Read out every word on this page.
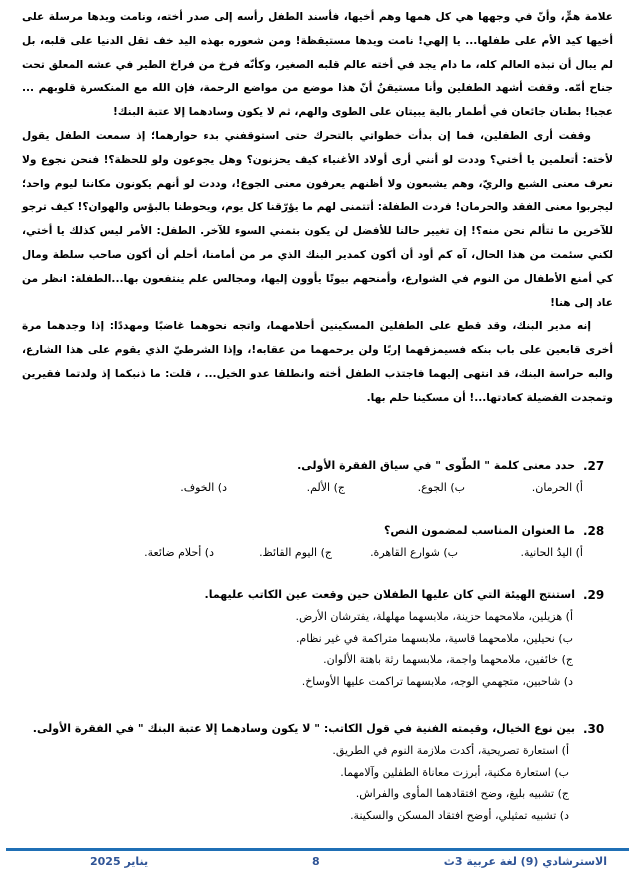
علامة همٍّ، وأنّ في وجهها هي كل همها وهم أخيها، فأسند الطفل رأسه إلى صدر أخته، ونامت ويدها مرسلة على أخيها كيد الأم على طفلها... يا إلهي! نامت ويدها مستيقظة! ومن شعوره بهذه اليد خف ثقل الدنيا على قلبه، بل لم يبال أن تبذه العالم كله، ما دام يجد في أخته عالم قلبه الصغير، وكأنّه فرخ من فراخ الطير في عشه المعلق تحت جناح أمّه. وقفت أشهد الطفلين وأنا مستيقنٌ أنّ هذا موضع من مواضع الرحمة، فإن الله مع المنكسرة قلوبهم ... عجبا! بطنان جائعان في أطمار بالية يبيتان على الطوى والهم، ثم لا يكون وسادهما إلا عتبة البنك!

وقفت أرى الطفلين، فما إن بدأت خطواتي بالتحرك حتى استوقفني بدء حوارهما؛ إذ سمعت الطفل يقول لأخته: أتعلمين يا أختي؟ وددت لو أنني أرى أولاد الأغنياء كيف يحزنون؟ وهل يجوعون ولو للحظة؟! فنحن نجوع ولا نعرف معنى الشبع والريّ، وهم يشبعون ولا أظنهم يعرفون معنى الجوع!، وددت لو أنهم يكونون مكاننا ليوم واحد؛ ليجربوا معنى الفقد والحرمان! فردت الطفلة: أتتمنى لهم ما يؤرّقنا كل يوم، ويحوطنا بالبؤس والهوان؟! كيف ترجو للآخرين ما تتألم نحن منه؟! إن تغيير حالنا للأفضل لن يكون بتمني السوء للآخر. الطفل: الأمر ليس كذلك يا أختي، لكني سئمت من هذا الحال، آه كم أود أن أكون كمدير البنك الذي مر من أمامنا، أحلم أن أكون صاحب سلطة ومال كي أمنع الأطفال من النوم في الشوارع، وأمنحهم بيوتًا يأوون إليها، ومجالس علم ينتفعون بها...الطفلة: انظر من عاد إلى هنا!

إنه مدير البنك، وقد قطع على الطفلين المسكينين أحلامهما، واتجه نحوهما غاضبًا ومهددًا: إذا وجدهما مرة أخرى قابعين على باب بنكه فسيمزقهما إربًا ولن يرحمهما من عقابه!، وإذا الشرطيّ الذي يقوم على هذا الشارع، والبه حراسة البنك، قد انتهى إليهما فاجتذب الطفل أخته وانطلقا عدو الخيل... ، قلت: ما ذنبكما إذ ولدتما فقيرين وتمجدت الفضيلة كعادتها...! أن مسكينا حلم بها.

.27
حدد معنى كلمة " الطّوى " في سياق الفقرة الأولى.
أ) الحرمان.
ب) الجوع.
ج) الألم.
د) الخوف.
.28
ما العنوان المناسب لمضمون النص؟
أ) اليدُ الحانية.
ب) شوارع القاهرة.
ج) اليوم القائظ.
د) أحلام ضائعة.
.29
استنتج الهيئة التي كان عليها الطفلان حين وقعت عين الكاتب عليهما.
أ) هزيلين، ملامحهما حزينة، ملابسهما مهلهلة، يفترشان الأرض.
ب) نحيلين، ملامحهما قاسية، ملابسهما متراكمة في غير نظام.
ج) خائفين، ملامحهما واجمة، ملابسهما رثة باهتة الألوان.
د) شاحبين، متجهمي الوجه، ملابسهما تراكمت عليها الأوساخ.
.30
بين نوع الخيال، وقيمته الفنية في قول الكاتب: " لا يكون وسادهما إلا عتبة البنك " في الفقرة الأولى.
أ) استعارة تصريحية، أكدت ملازمة النوم في الطريق.
ب) استعارة مكنية، أبرزت معاناة الطفلين وآلامهما.
ج) تشبيه بليغ، وضح افتقادهما المأوى والفراش.
د) تشبيه تمثيلي، أوضح افتقاد المسكن والسكينة.
يناير 2025	8	الاسترشادي (9) لغة عربية 3ث
